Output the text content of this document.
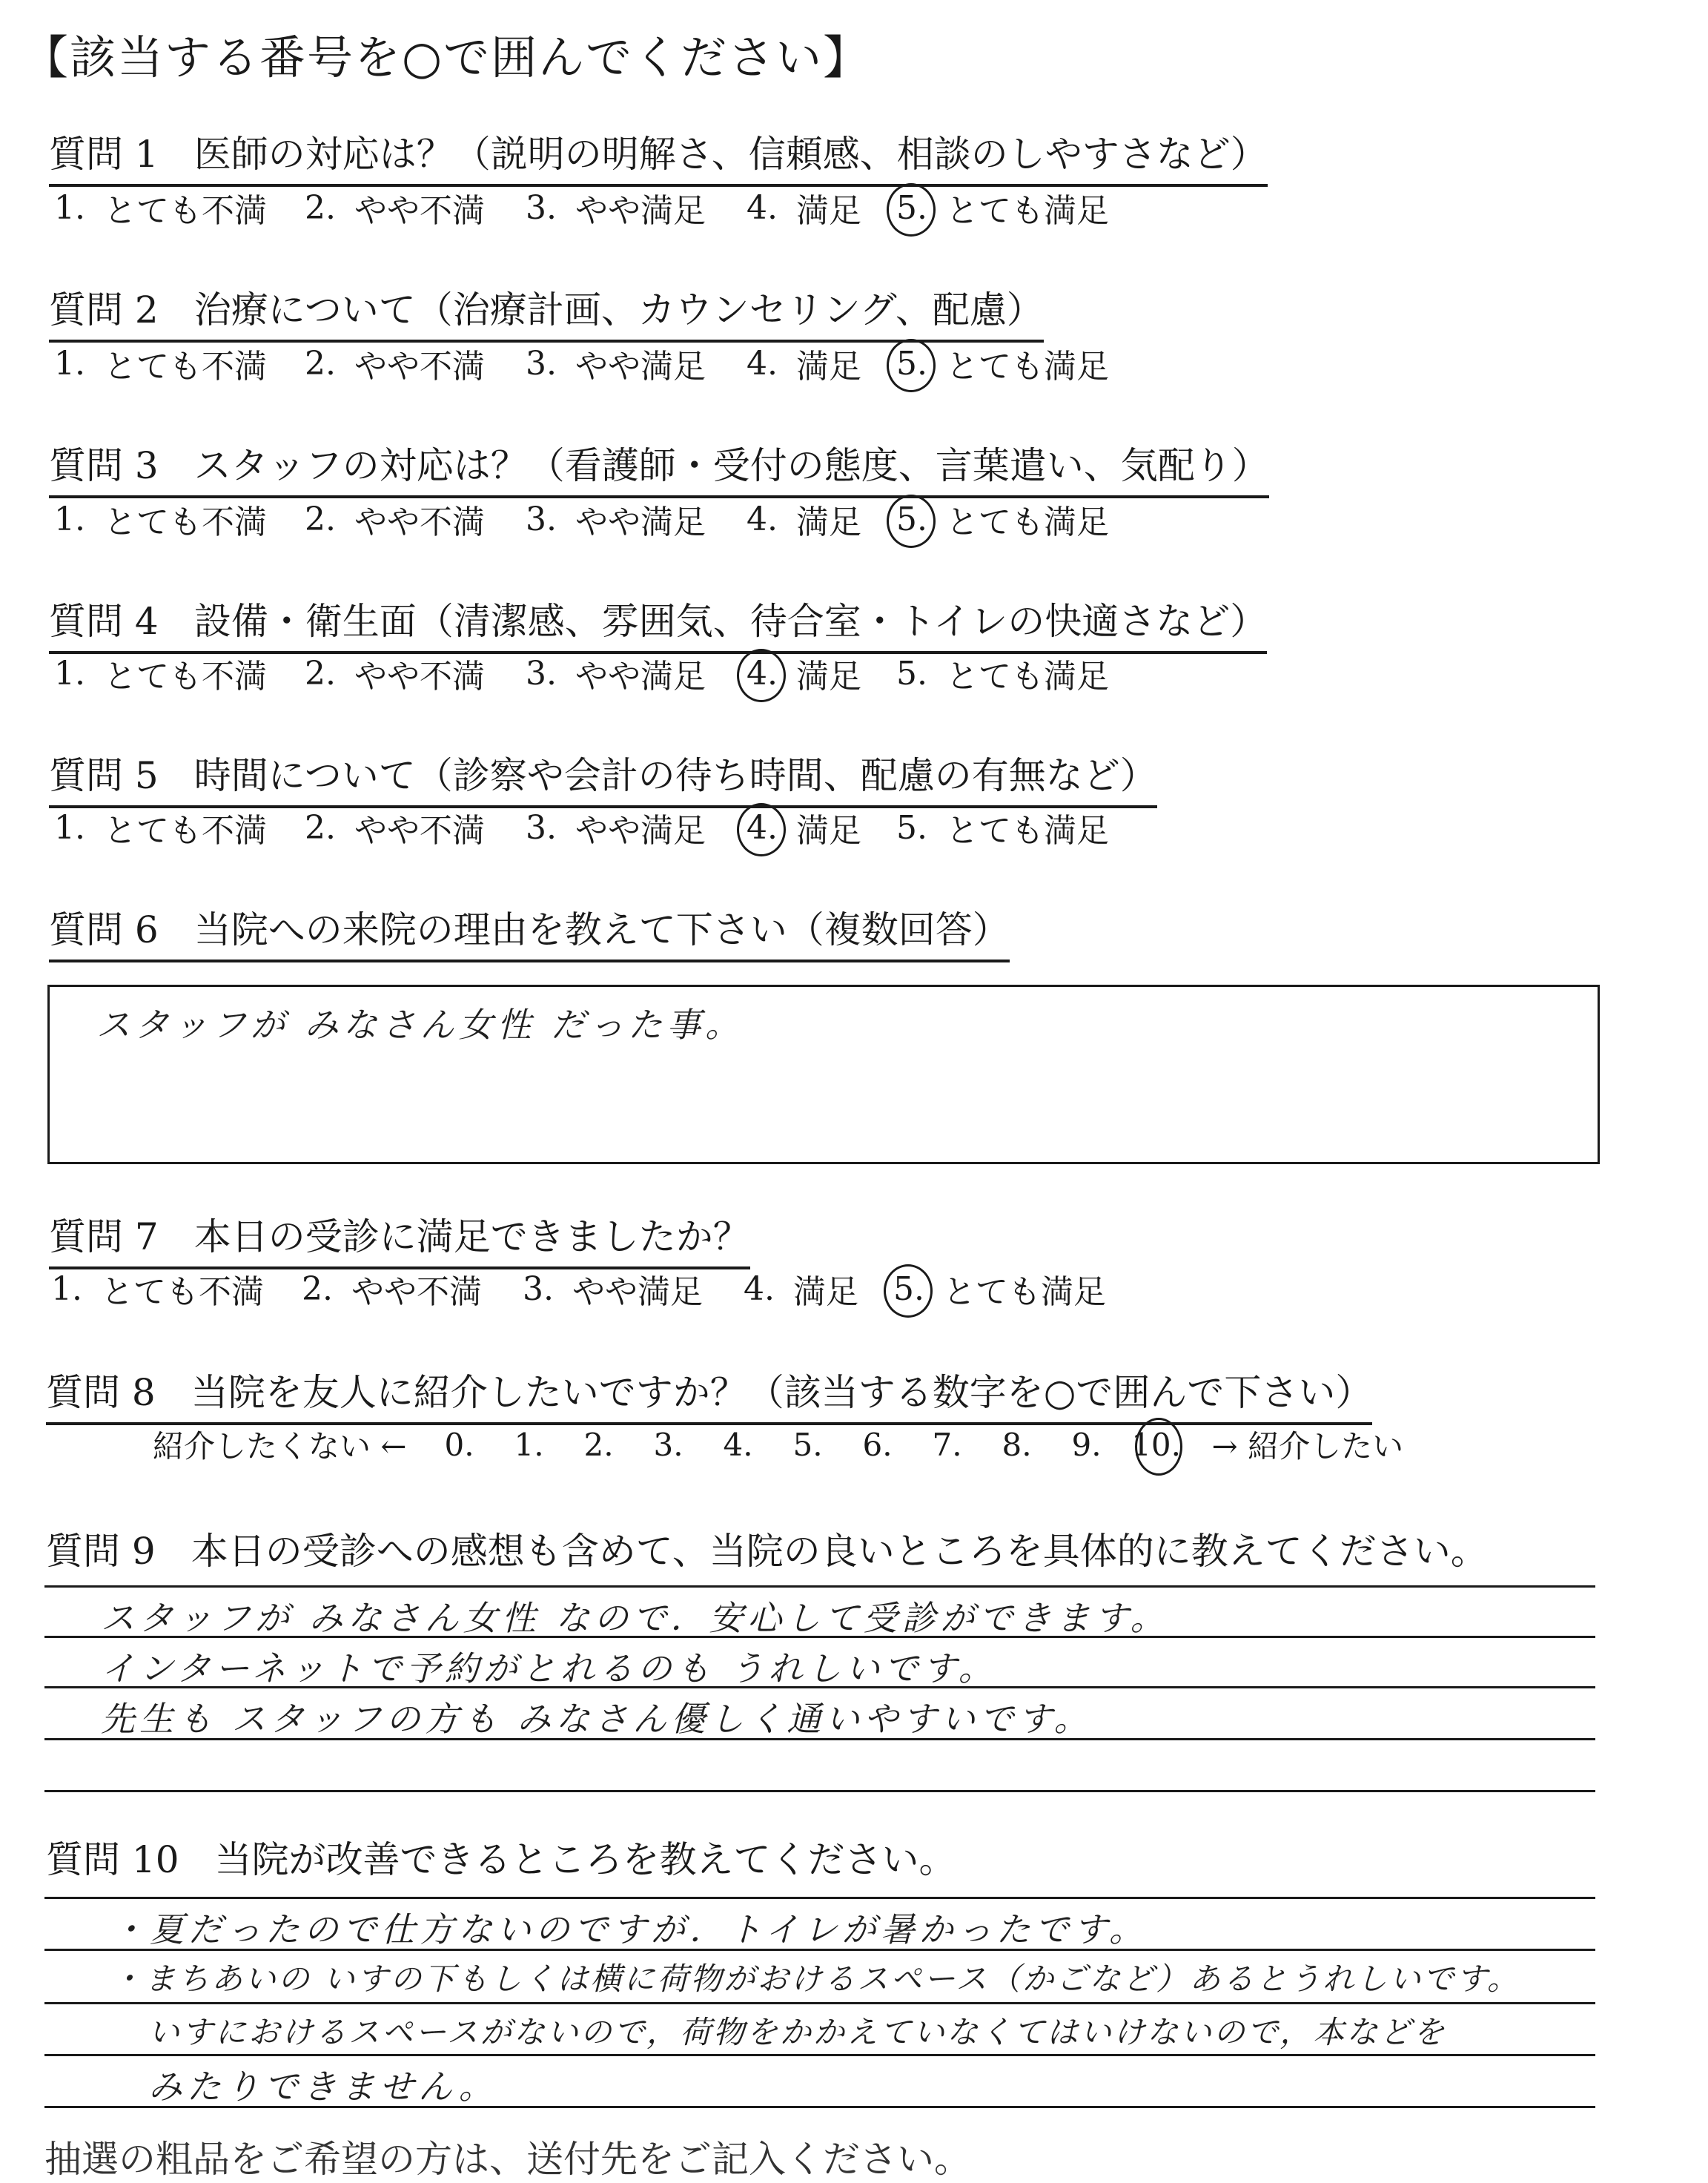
【該当する番号を○で囲んでください】
質問 1 医師の対応は？（説明の明解さ、信頼感、相談のしやすさなど）
1. とても不満 2. やや不満 3. やや満足 4. 満足 5. とても満足
質問 2 治療について（治療計画、カウンセリング、配慮）
1. とても不満 2. やや不満 3. やや満足 4. 満足 5. とても満足
質問 3 スタッフの対応は？（看護師・受付の態度、言葉遣い、気配り）
1. とても不満 2. やや不満 3. やや満足 4. 満足 5. とても満足
質問 4 設備・衛生面（清潔感、雰囲気、待合室・トイレの快適さなど）
1. とても不満 2. やや不満 3. やや満足 4. 満足 5. とても満足
質問 5 時間について（診察や会計の待ち時間、配慮の有無など）
1. とても不満 2. やや不満 3. やや満足 4. 満足 5. とても満足
質問 6 当院への来院の理由を教えて下さい（複数回答）
スタッフが みなさん女性 だった事。
質問 7 本日の受診に満足できましたか？
1. とても不満 2. やや不満 3. やや満足 4. 満足 5. とても満足
質問 8 当院を友人に紹介したいですか？（該当する数字を○で囲んで下さい）
紹介したくない ←	0.	1.	2.	3.	4.	5.	6.	7.	8.	9. 10. → 紹介したい
質問 9 本日の受診への感想も含めて、当院の良いところを具体的に教えてください。
スタッフが みなさん女性 なので．安心して受診ができます。
インターネットで予約がとれるのも うれしいです。
先生も スタッフの方も みなさん優しく通いやすいです。
質問 10 当院が改善できるところを教えてください。
・夏だったので仕方ないのですが．トイレが暑かったです。
・まちあいの いすの下もしくは横に荷物がおけるスペース（かごなど）あるとうれしいです。
いすにおけるスペースがないので，荷物をかかえていなくてはいけないので，本などを
みたりできません。
抽選の粗品をご希望の方は、送付先をご記入ください。
